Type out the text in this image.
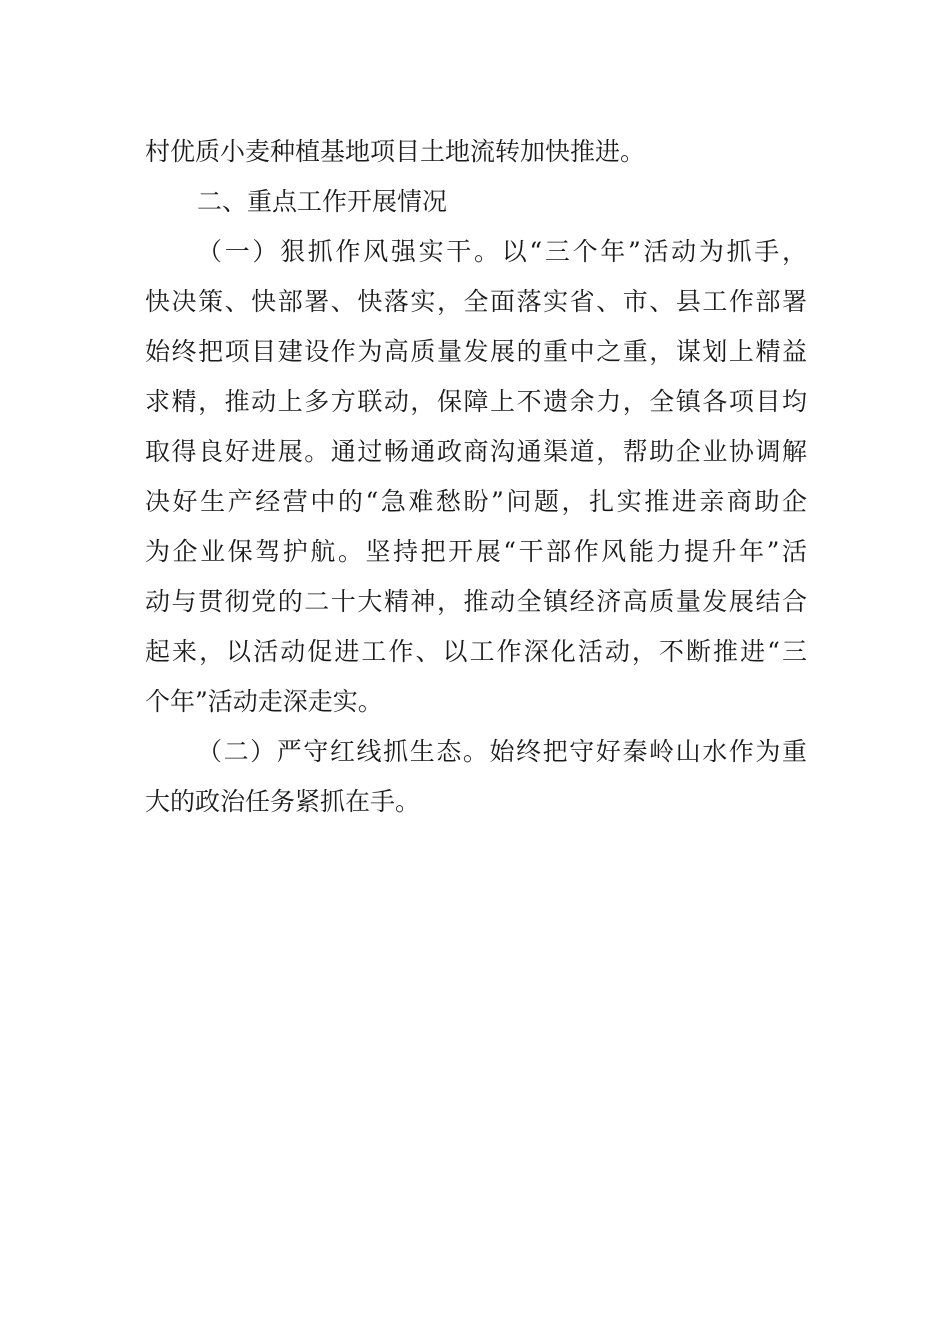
村优质小麦种植基地项目土地流转加快推进。
二、重点工作开展情况
（一）狠抓作风强实干。以“三个年”活动为抓手，
快决策、快部署、快落实，全面落实省、市、县工作部署
始终把项目建设作为高质量发展的重中之重，谋划上精益
求精，推动上多方联动，保障上不遗余力，全镇各项目均
取得良好进展。通过畅通政商沟通渠道，帮助企业协调解
决好生产经营中的“急难愁盼”问题，扎实推进亲商助企
为企业保驾护航。坚持把开展“干部作风能力提升年”活
动与贯彻党的二十大精神，推动全镇经济高质量发展结合
起来，以活动促进工作、以工作深化活动，不断推进“三
个年”活动走深走实。
（二）严守红线抓生态。始终把守好秦岭山水作为重
大的政治任务紧抓在手。
